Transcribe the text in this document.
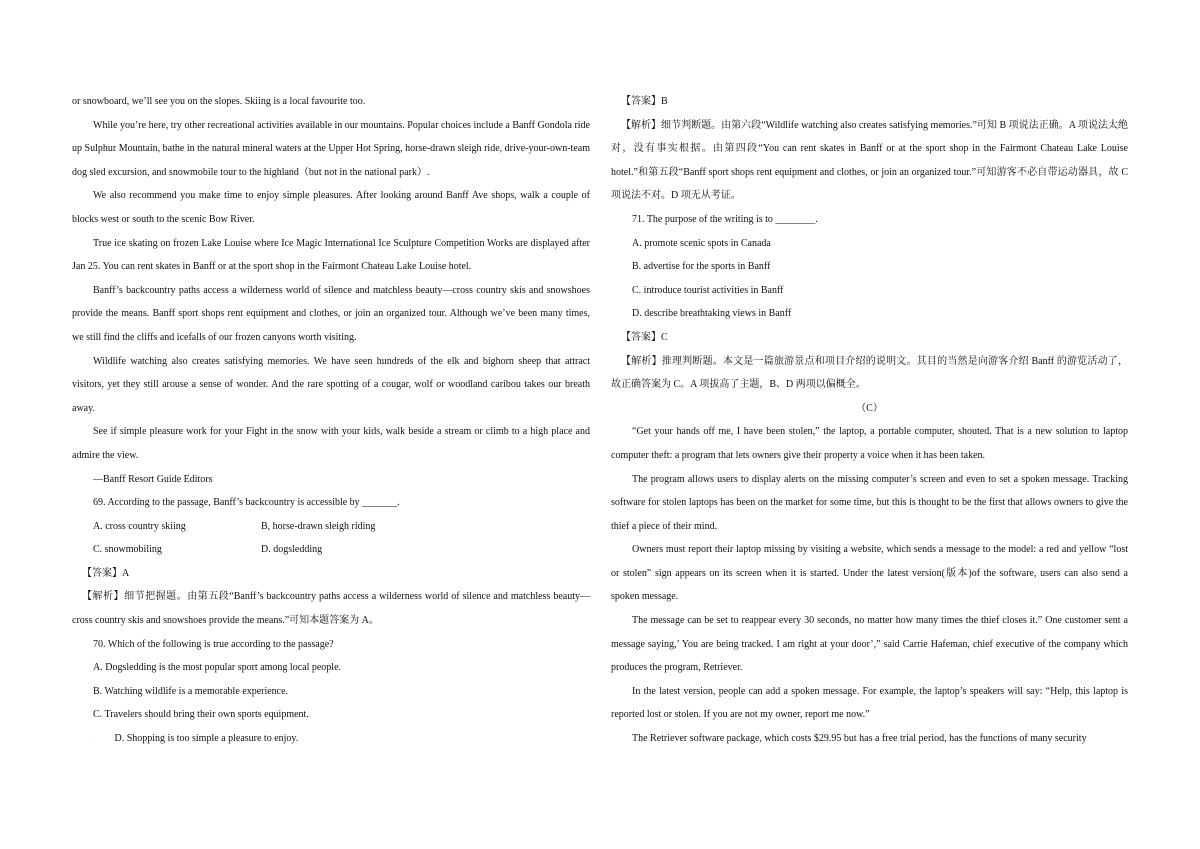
or snowboard, we’ll see you on the slopes. Skiing is a local favourite too.

While you’re here, try other recreational activities available in our mountains. Popular choices include a Banff Gondola ride up Sulphur Mountain, bathe in the natural mineral waters at the Upper Hot Spring, horse-drawn sleigh ride, drive-your-own-team dog sled excursion, and snowmobile tour to the highland（but not in the national park）.

We also recommend you make time to enjoy simple pleasures. After looking around Banff Ave shops, walk a couple of blocks west or south to the scenic Bow River.

True ice skating on frozen Lake Louise where Ice Magic International Ice Sculpture Competition Works are displayed after Jan 25. You can rent skates in Banff or at the sport shop in the Fairmont Chateau Lake Louise hotel.

Banff’s backcountry paths access a wilderness world of silence and matchless beauty—cross country skis and snowshoes provide the means. Banff sport shops rent equipment and clothes, or join an organized tour. Although we’ve been many times, we still find the cliffs and icefalls of our frozen canyons worth visiting.

Wildlife watching also creates satisfying memories. We have seen hundreds of the elk and bighorn sheep that attract visitors, yet they still arouse a sense of wonder. And the rare spotting of a cougar, wolf or woodland caribou takes our breath away.

See if simple pleasure work for your Fight in the snow with your kids, walk beside a stream or climb to a high place and admire the view.

—Banff Resort Guide Editors

69. According to the passage, Banff’s backcountry is accessible by _______.

A. cross country skiing	B, horse-drawn sleigh riding
C. snowmobiling	D. dogsledding

【答案】A

【解析】细节把握题。由第五段“Banff’s backcountry paths access a wilderness world of silence and matchless beauty—cross country skis and snowshoes provide the means.”可知本题答案为 A。

70. Which of the following is true according to the passage?

A. Dogsledding is the most popular sport among local people.

B. Watching wildlife is a memorable experience.

C. Travelers should bring their own sports equipment.

. D. Shopping is too simple a pleasure to enjoy.

【答案】B

【解析】细节判断题。由第六段“Wildlife watching also creates satisfying memories.”可知 B 项说法正确。A 项说法太绝对，没有事实根据。由第四段“You can rent skates in Banff or at the sport shop in the Fairmont Chateau Lake Louise hotel.”和第五段“Banff sport shops rent equipment and clothes, or join an organized tour.”可知游客不必自带运动器具，故 C 项说法不对。D 项无从考证。

71. The purpose of the writing is to ________.

A. promote scenic spots in Canada

B. advertise for the sports in Banff

C. introduce tourist activities in Banff

D. describe breathtaking views in Banff

【答案】C

【解析】推理判断题。本文是一篇旅游景点和项目介绍的说明文。其目的当然是向游客介绍 Banff 的游览活动了，故正确答案为 C。A 项拔高了主题，B、D 两项以偏概全。

（C）

“Get your hands off me, I have been stolen,” the laptop, a portable computer, shouted. That is a new solution to laptop computer theft: a program that lets owners give their property a voice when it has been taken.

The program allows users to display alerts on the missing computer’s screen and even to set a spoken message. Tracking software for stolen laptops has been on the market for some time, but this is thought to be the first that allows owners to give the thief a piece of their mind.

Owners must report their laptop missing by visiting a website, which sends a message to the model: a red and yellow “lost or stolen” sign appears on its screen when it is started. Under the latest version(版本)of the software, users can also send a spoken message.

The message can be set to reappear every 30 seconds, no matter how many times the thief closes it.” One customer sent a message saying,’ You are being tracked. I am right at your door’,” said Carrie Hafeman, chief executive of the company which produces the program, Retriever.

In the latest version, people can add a spoken message. For example, the laptop’s speakers will say: “Help, this laptop is reported lost or stolen. If you are not my owner, report me now.”

The Retriever software package, which costs $29.95 but has a free trial period, has the functions of many security
